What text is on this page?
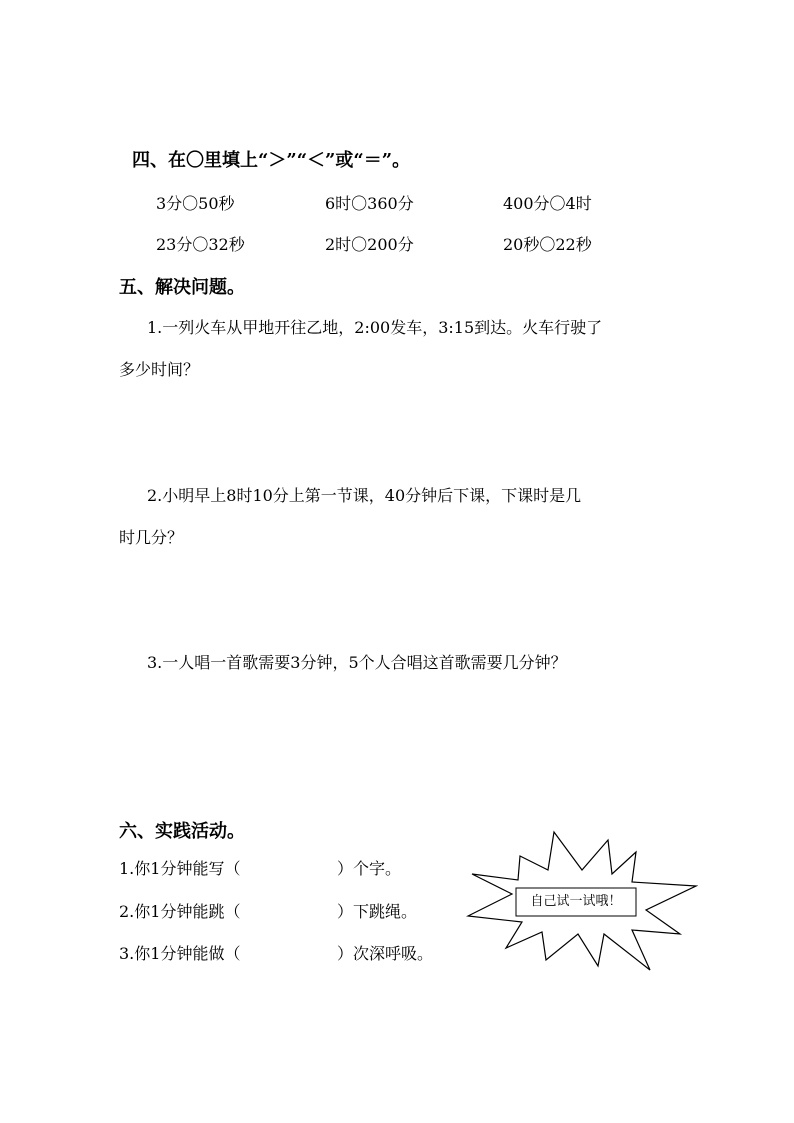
四、在〇里填上“＞”“＜”或“＝”。
3分〇50秒	6时〇360分	400分〇4时
23分〇32秒	2时〇200分	20秒〇22秒
五、解决问题。
1.一列火车从甲地开往乙地，2:00发车，3:15到达。火车行驶了
多少时间？
2.小明早上8时10分上第一节课，40分钟后下课，下课时是几
时几分？
3.一人唱一首歌需要3分钟，5个人合唱这首歌需要几分钟？
六、实践活动。
1.你1分钟能写（	）个字。
2.你1分钟能跳（	）下跳绳。
3.你1分钟能做（	）次深呼吸。
自己试一试哦！
